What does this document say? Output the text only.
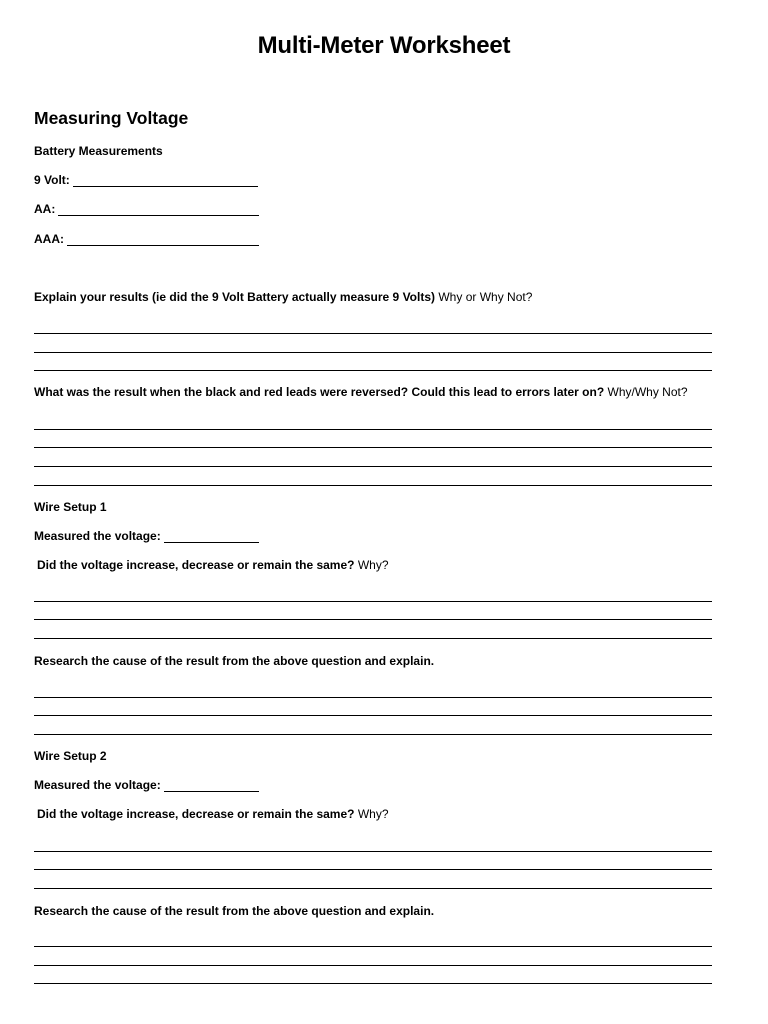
Multi-Meter Worksheet
Measuring Voltage
Battery Measurements
9 Volt:
AA:
AAA:
Explain your results (ie did the 9 Volt Battery actually measure 9 Volts) Why or Why Not?
What was the result when the black and red leads were reversed? Could this lead to errors later on? Why/Why Not?
Wire Setup 1
Measured the voltage:
Did the voltage increase, decrease or remain the same? Why?
Research the cause of the result from the above question and explain.
Wire Setup 2
Measured the voltage:
Did the voltage increase, decrease or remain the same? Why?
Research the cause of the result from the above question and explain.
